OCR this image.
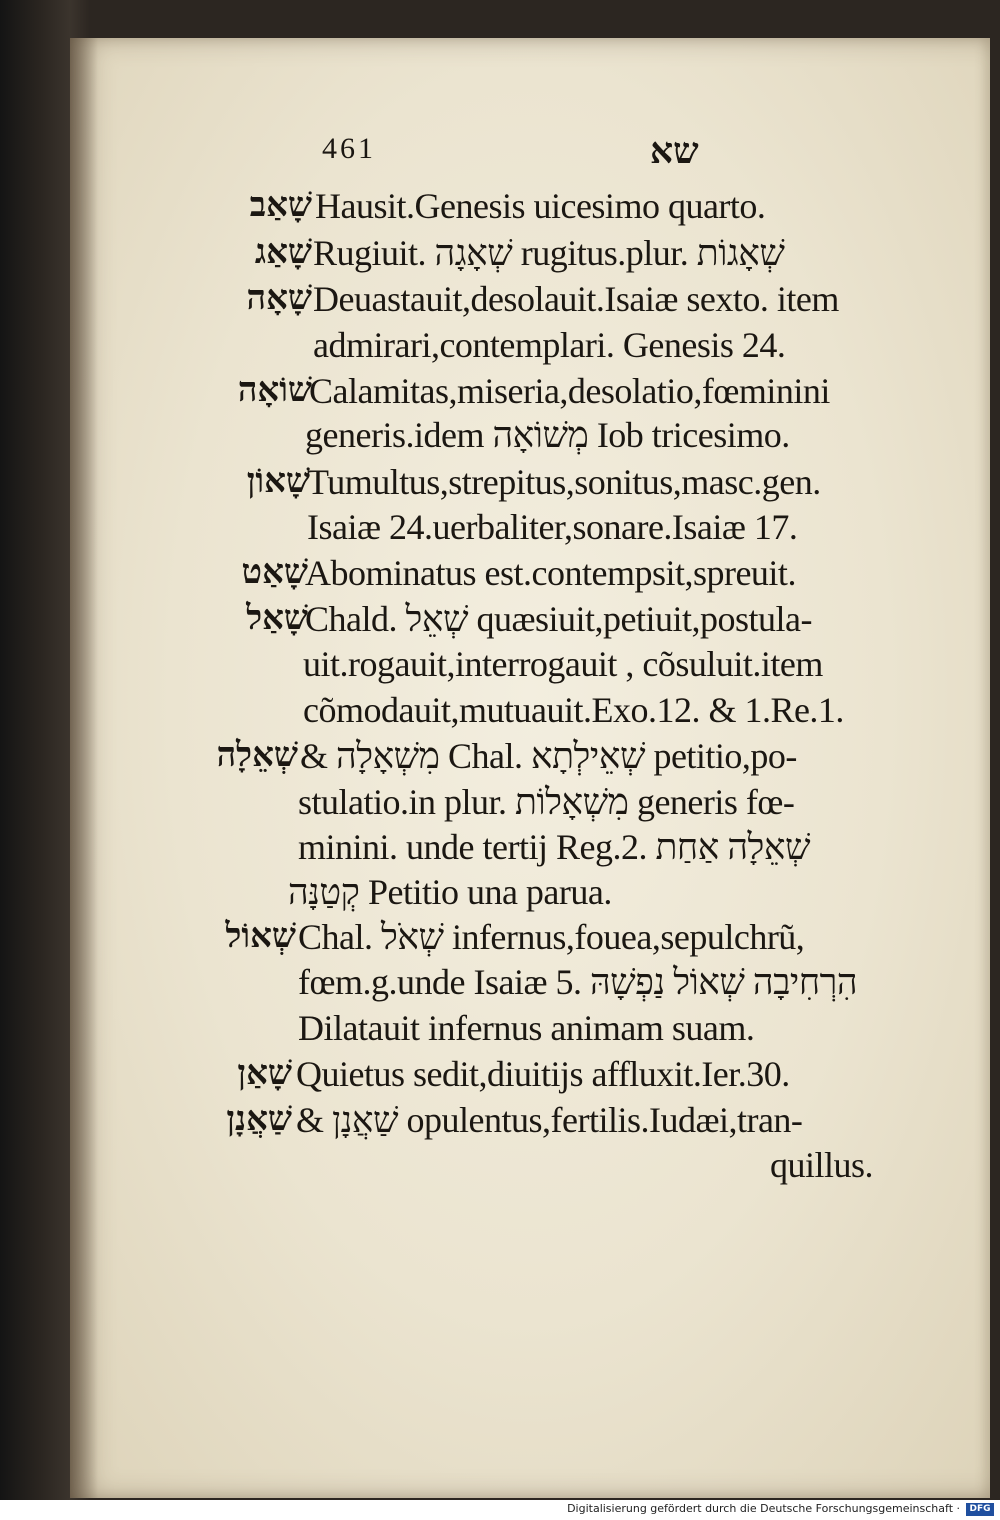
461	שא
שָׁאַב Hausit.Genesis uicesimo quarto.
שָׁאַג Rugiuit. שְׁאָגָה rugitus.plur. שְׁאָגוֹת
שָׁאָה Deuastauit,desolauit.Isaiæ sexto. item
admirari,contemplari. Genesis 24.
שׁוֹאָה
Calamitas,miseria,desolatio,fœminini
generis.idem מְשׁוֹאָה Iob tricesimo.
שָׁאוֹן
Tumultus,strepitus,sonitus,masc.gen.
Isaiæ 24.uerbaliter,sonare.Isaiæ 17.
שָׁאַט
Abominatus est.contempsit,spreuit.
שָׁאַל
Chald. שְׁאֵל quæsiuit,petiuit,postula-
uit.rogauit,interrogauit , cõsuluit.item
cõmodauit,mutuauit.Exo.12. & 1.Re.1.
שְׁאֵלָה & מִשְׁאָלָה Chal. שְׁאֵילְתָא petitio,po-
stulatio.in plur. מִשְׁאָלוֹת generis fœ-
minini. unde tertij Reg.2. שְׁאֵלָה אַחַת
קְטַנָּה Petitio una parua.
שְׁאוֹל Chal. שְׁאֹל infernus,fouea,sepulchrũ,
fœm.g.unde Isaiæ 5. הִרְחִיבָה שְׁאוֹל נַפְשָׁהּ
Dilatauit infernus animam suam.
שָׁאַן Quietus sedit,diuitijs affluxit.Ier.30.
שַׁאֲנָן & שַׁאֲנָן opulentus,fertilis.Iudæi,tran-
quillus.
Digitalisierung gefördert durch die Deutsche Forschungsgemeinschaft ·	DFG
